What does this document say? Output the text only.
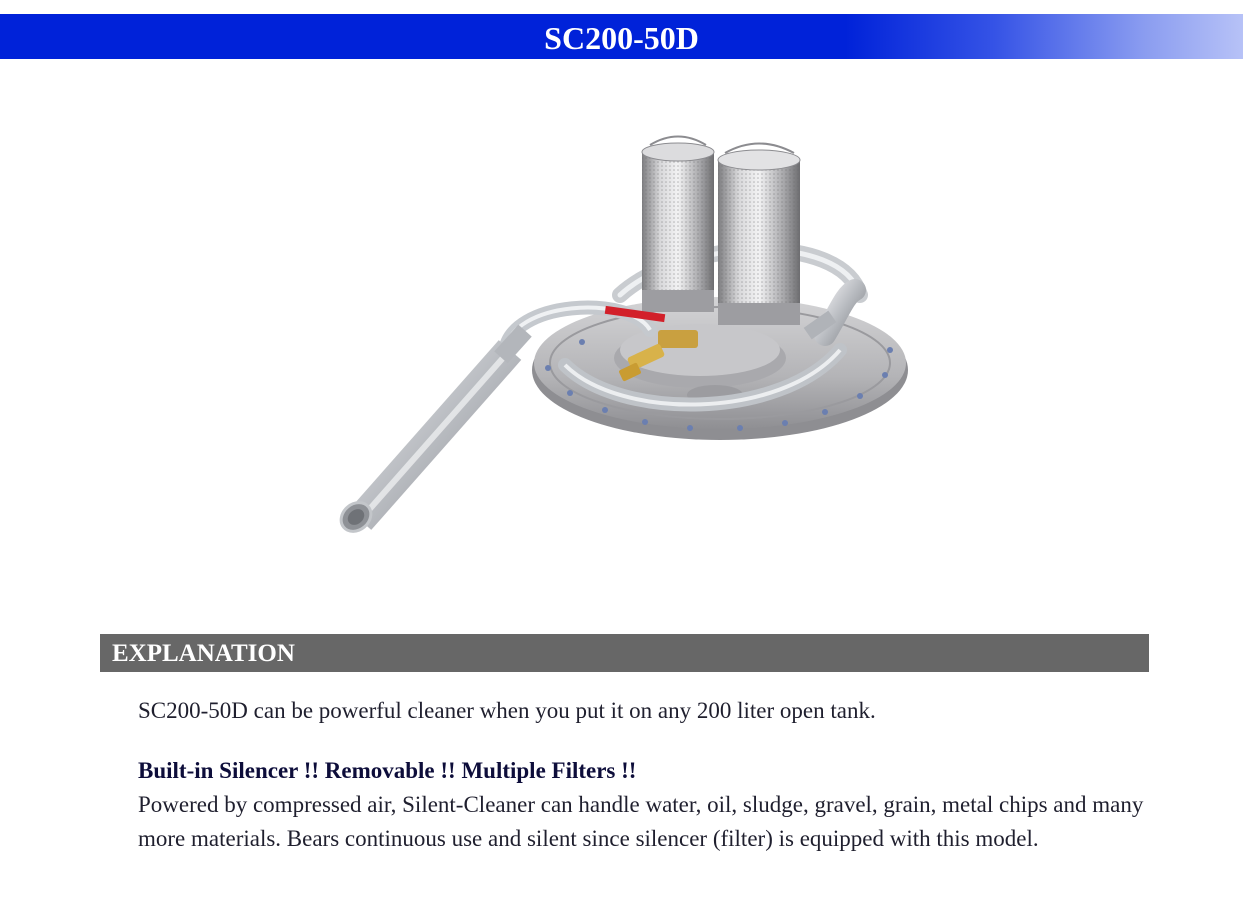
SC200-50D
EXPLANATION

SC200-50D can be powerful cleaner when you put it on any 200 liter open tank.

Built-in Silencer !! Removable !! Multiple Filters !!

Powered by compressed air, Silent-Cleaner can handle water, oil, sludge, gravel, grain, metal chips and many more materials. Bears continuous use and silent since silencer (filter) is equipped with this model.
